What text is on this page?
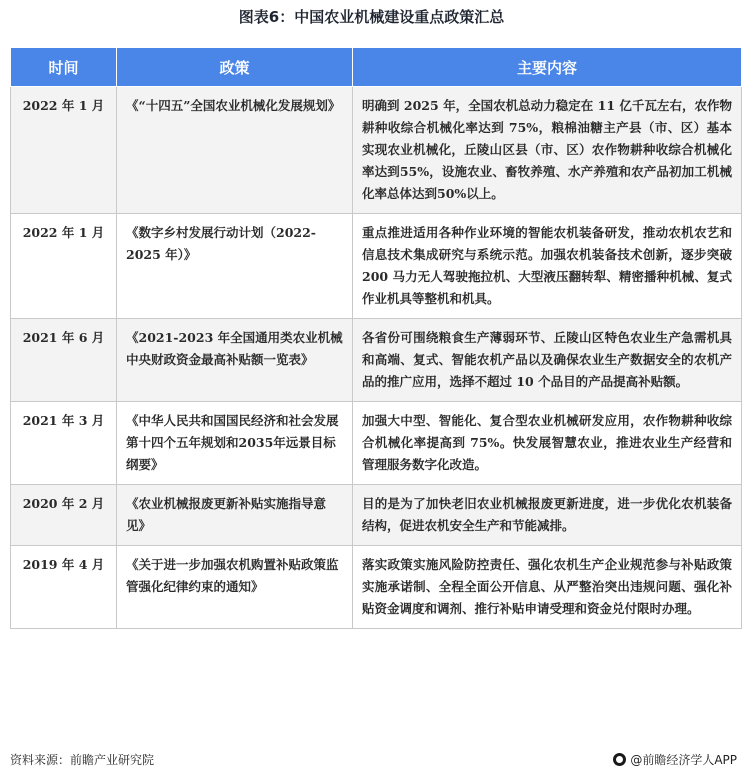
图表6：中国农业机械建设重点政策汇总
时间	政策	主要内容
2022 年 1 月	《“十四五”全国农业机械化发展规划》	明确到 2025 年，全国农机总动力稳定在 11 亿千瓦左右，农作物耕种收综合机械化率达到 75%，粮棉油糖主产县（市、区）基本实现农业机械化，丘陵山区县（市、区）农作物耕种收综合机械化率达到55%，设施农业、畜牧养殖、水产养殖和农产品初加工机械化率总体达到50%以上。
2022 年 1 月	《数字乡村发展行动计划（2022-2025 年）》	重点推进适用各种作业环境的智能农机装备研发，推动农机农艺和信息技术集成研究与系统示范。加强农机装备技术创新，逐步突破 200 马力无人驾驶拖拉机、大型液压翻转犁、精密播种机械、复式作业机具等整机和机具。
2021 年 6 月	《2021-2023 年全国通用类农业机械中央财政资金最高补贴额一览表》	各省份可围绕粮食生产薄弱环节、丘陵山区特色农业生产急需机具和高端、复式、智能农机产品以及确保农业生产数据安全的农机产品的推广应用，选择不超过 10 个品目的产品提高补贴额。
2021 年 3 月	《中华人民共和国国民经济和社会发展第十四个五年规划和2035年远景目标纲要》	加强大中型、智能化、复合型农业机械研发应用，农作物耕种收综合机械化率提高到 75%。快发展智慧农业，推进农业生产经营和管理服务数字化改造。
2020 年 2 月	《农业机械报废更新补贴实施指导意见》	目的是为了加快老旧农业机械报废更新进度，进一步优化农机装备结构，促进农机安全生产和节能减排。
2019 年 4 月	《关于进一步加强农机购置补贴政策监管强化纪律约束的通知》	落实政策实施风险防控责任、强化农机生产企业规范参与补贴政策实施承诺制、全程全面公开信息、从严整治突出违规问题、强化补贴资金调度和调剂、推行补贴申请受理和资金兑付限时办理。
资料来源：前瞻产业研究院	@前瞻经济学人APP
